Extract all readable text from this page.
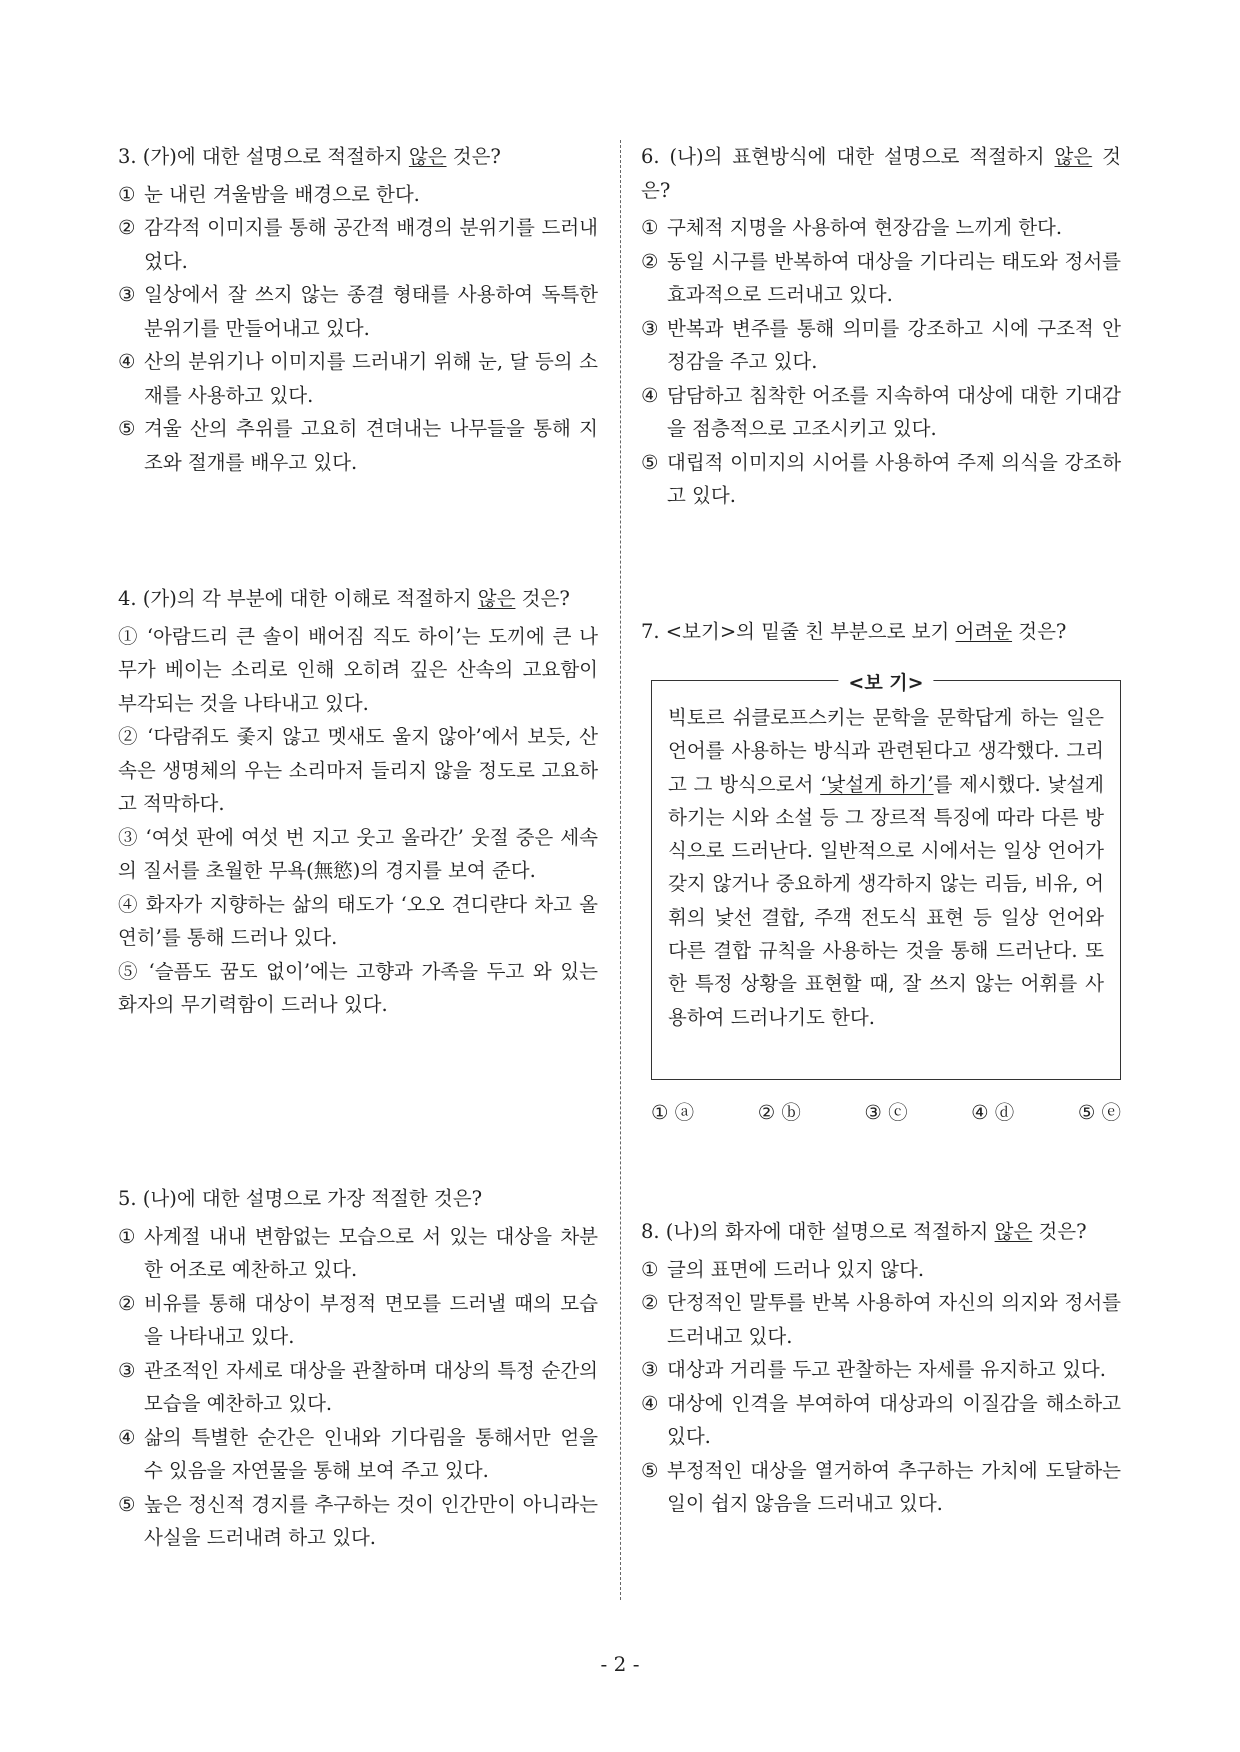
3. (가)에 대한 설명으로 적절하지 않은 것은?

① 눈 내린 겨울밤을 배경으로 한다.
② 감각적 이미지를 통해 공간적 배경의 분위기를 드러내었다.
③ 일상에서 잘 쓰지 않는 종결 형태를 사용하여 독특한 분위기를 만들어내고 있다.
④ 산의 분위기나 이미지를 드러내기 위해 눈, 달 등의 소재를 사용하고 있다.
⑤ 겨울 산의 추위를 고요히 견뎌내는 나무들을 통해 지조와 절개를 배우고 있다.

4. (가)의 각 부분에 대한 이해로 적절하지 않은 것은?

① ‘아람드리 큰 솔이 배어짐 직도 하이’는 도끼에 큰 나무가 베이는 소리로 인해 오히려 깊은 산속의 고요함이 부각되는 것을 나타내고 있다.
② ‘다람쥐도 좇지 않고 멧새도 울지 않아’에서 보듯, 산속은 생명체의 우는 소리마저 들리지 않을 정도로 고요하고 적막하다.
③ ‘여섯 판에 여섯 번 지고 웃고 올라간’ 웃절 중은 세속의 질서를 초월한 무욕(無慾)의 경지를 보여 준다.
④ 화자가 지향하는 삶의 태도가 ‘오오 견디랸다 차고 올연히’를 통해 드러나 있다.
⑤ ‘슬픔도 꿈도 없이’에는 고향과 가족을 두고 와 있는 화자의 무기력함이 드러나 있다.

5. (나)에 대한 설명으로 가장 적절한 것은?

① 사계절 내내 변함없는 모습으로 서 있는 대상을 차분한 어조로 예찬하고 있다.
② 비유를 통해 대상이 부정적 면모를 드러낼 때의 모습을 나타내고 있다.
③ 관조적인 자세로 대상을 관찰하며 대상의 특정 순간의 모습을 예찬하고 있다.
④ 삶의 특별한 순간은 인내와 기다림을 통해서만 얻을 수 있음을 자연물을 통해 보여 주고 있다.
⑤ 높은 정신적 경지를 추구하는 것이 인간만이 아니라는 사실을 드러내려 하고 있다.

6. (나)의 표현방식에 대한 설명으로 적절하지 않은 것은?

① 구체적 지명을 사용하여 현장감을 느끼게 한다.
② 동일 시구를 반복하여 대상을 기다리는 태도와 정서를 효과적으로 드러내고 있다.
③ 반복과 변주를 통해 의미를 강조하고 시에 구조적 안정감을 주고 있다.
④ 담담하고 침착한 어조를 지속하여 대상에 대한 기대감을 점층적으로 고조시키고 있다.
⑤ 대립적 이미지의 시어를 사용하여 주제 의식을 강조하고 있다.

7. <보기>의 밑줄 친 부분으로 보기 어려운 것은?

<보 기>
빅토르 쉬클로프스키는 문학을 문학답게 하는 일은 언어를 사용하는 방식과 관련된다고 생각했다. 그리고 그 방식으로서 ‘낯설게 하기’를 제시했다. 낯설게 하기는 시와 소설 등 그 장르적 특징에 따라 다른 방식으로 드러난다. 일반적으로 시에서는 일상 언어가 갖지 않거나 중요하게 생각하지 않는 리듬, 비유, 어휘의 낯선 결합, 주객 전도식 표현 등 일상 언어와 다른 결합 규칙을 사용하는 것을 통해 드러난다. 또한 특정 상황을 표현할 때, 잘 쓰지 않는 어휘를 사용하여 드러나기도 한다.
① ⓐ	② ⓑ	③ ⓒ	④ ⓓ	⑤ ⓔ

8. (나)의 화자에 대한 설명으로 적절하지 않은 것은?

① 글의 표면에 드러나 있지 않다.
② 단정적인 말투를 반복 사용하여 자신의 의지와 정서를 드러내고 있다.
③ 대상과 거리를 두고 관찰하는 자세를 유지하고 있다.
④ 대상에 인격을 부여하여 대상과의 이질감을 해소하고 있다.
⑤ 부정적인 대상을 열거하여 추구하는 가치에 도달하는 일이 쉽지 않음을 드러내고 있다.
- 2 -
